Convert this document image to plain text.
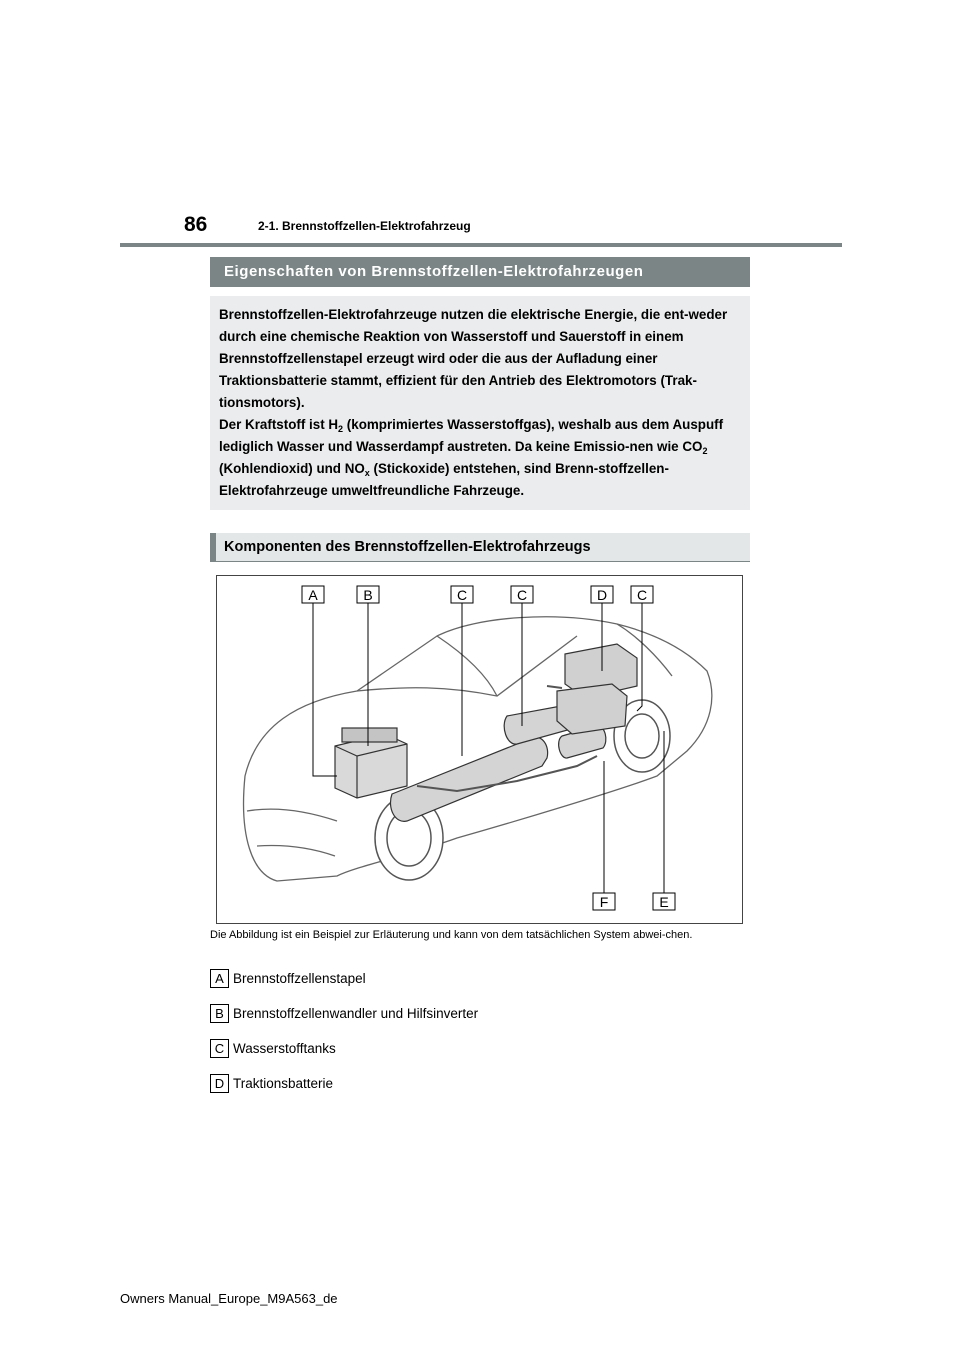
86	2-1. Brennstoffzellen-Elektrofahrzeug
Eigenschaften von Brennstoffzellen-Elektrofahrzeugen

Brennstoffzellen-Elektrofahrzeuge nutzen die elektrische Energie, die ent-weder durch eine chemische Reaktion von Wasserstoff und Sauerstoff in einem Brennstoffzellenstapel erzeugt wird oder die aus der Aufladung einer Traktionsbatterie stammt, effizient für den Antrieb des Elektromotors (Trak-tionsmotors).

Der Kraftstoff ist $H_2$ (komprimiertes Wasserstoffgas), weshalb aus dem Auspuff lediglich Wasser und Wasserdampf austreten. Da keine Emissio-nen wie $CO_2$ (Kohlendioxid) und $NO_x$ (Stickoxide) entstehen, sind Brenn-stoffzellen-Elektrofahrzeuge umweltfreundliche Fahrzeuge.

Komponenten des Brennstoffzellen-Elektrofahrzeugs
A	B	C	C	D C
F	E
Die Abbildung ist ein Beispiel zur Erläuterung und kann von dem tatsächlichen System abwei-chen.
A Brennstoffzellenstapel
B Brennstoffzellenwandler und Hilfsinverter
C Wasserstofftanks
D Traktionsbatterie
Owners Manual_Europe_M9A563_de
